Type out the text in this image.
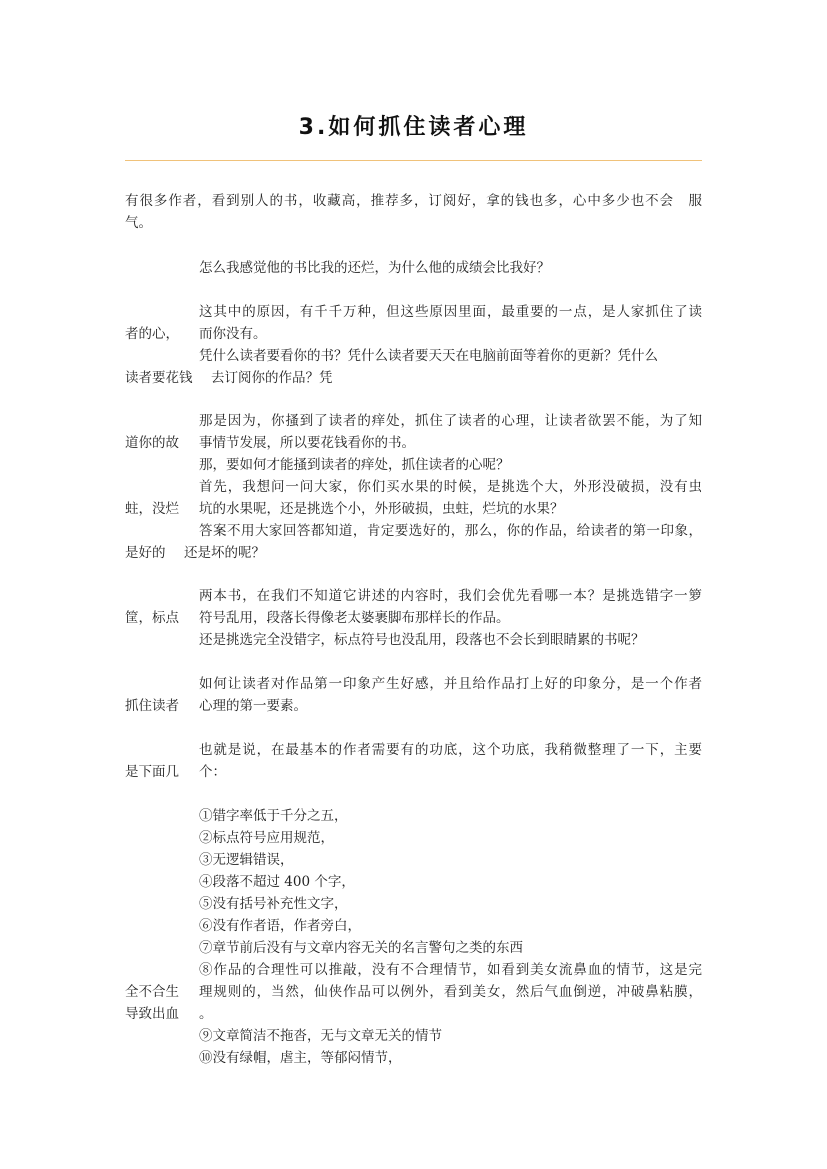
3.如何抓住读者心理
有很多作者，看到别人的书，收藏高，推荐多，订阅好，拿的钱也多，心中多少也不会　服
气。
怎么我感觉他的书比我的还烂，为什么他的成绩会比我好？
这其中的原因，有千千万种，但这些原因里面，最重要的一点，是人家抓住了读
者的心， 而你没有。
凭什么读者要看你的书？凭什么读者要天天在电脑前面等着你的更新？凭什么
读者要花钱 去订阅你的作品？凭
那是因为，你搔到了读者的痒处，抓住了读者的心理，让读者欲罢不能，为了知
道你的故 事情节发展，所以要花钱看你的书。
那，要如何才能搔到读者的痒处，抓住读者的心呢？
首先，我想问一问大家，你们买水果的时候，是挑选个大，外形没破损，没有虫
蛀，没烂 坑的水果呢，还是挑选个小，外形破损，虫蛀，烂坑的水果？
答案不用大家回答都知道，肯定要选好的，那么，你的作品，给读者的第一印象，
是好的 还是坏的呢？
两本书，在我们不知道它讲述的内容时，我们会优先看哪一本？是挑选错字一箩
筐，标点 符号乱用，段落长得像老太婆裹脚布那样长的作品。
还是挑选完全没错字，标点符号也没乱用，段落也不会长到眼睛累的书呢？
如何让读者对作品第一印象产生好感，并且给作品打上好的印象分，是一个作者
抓住读者 心理的第一要素。
也就是说，在最基本的作者需要有的功底，这个功底，我稍微整理了一下，主要
是下面几 个：
①错字率低于千分之五，
②标点符号应用规范，
③无逻辑错误，
④段落不超过 400 个字，
⑤没有括号补充性文字，
⑥没有作者语，作者旁白，
⑦章节前后没有与文章内容无关的名言警句之类的东西
⑧作品的合理性可以推敲，没有不合理情节，如看到美女流鼻血的情节，这是完
全不合生 理规则的，当然，仙侠作品可以例外，看到美女，然后气血倒逆，冲破鼻粘膜，
导致出血 。
⑨文章简洁不拖沓，无与文章无关的情节
⑩没有绿帽，虐主，等郁闷情节，
